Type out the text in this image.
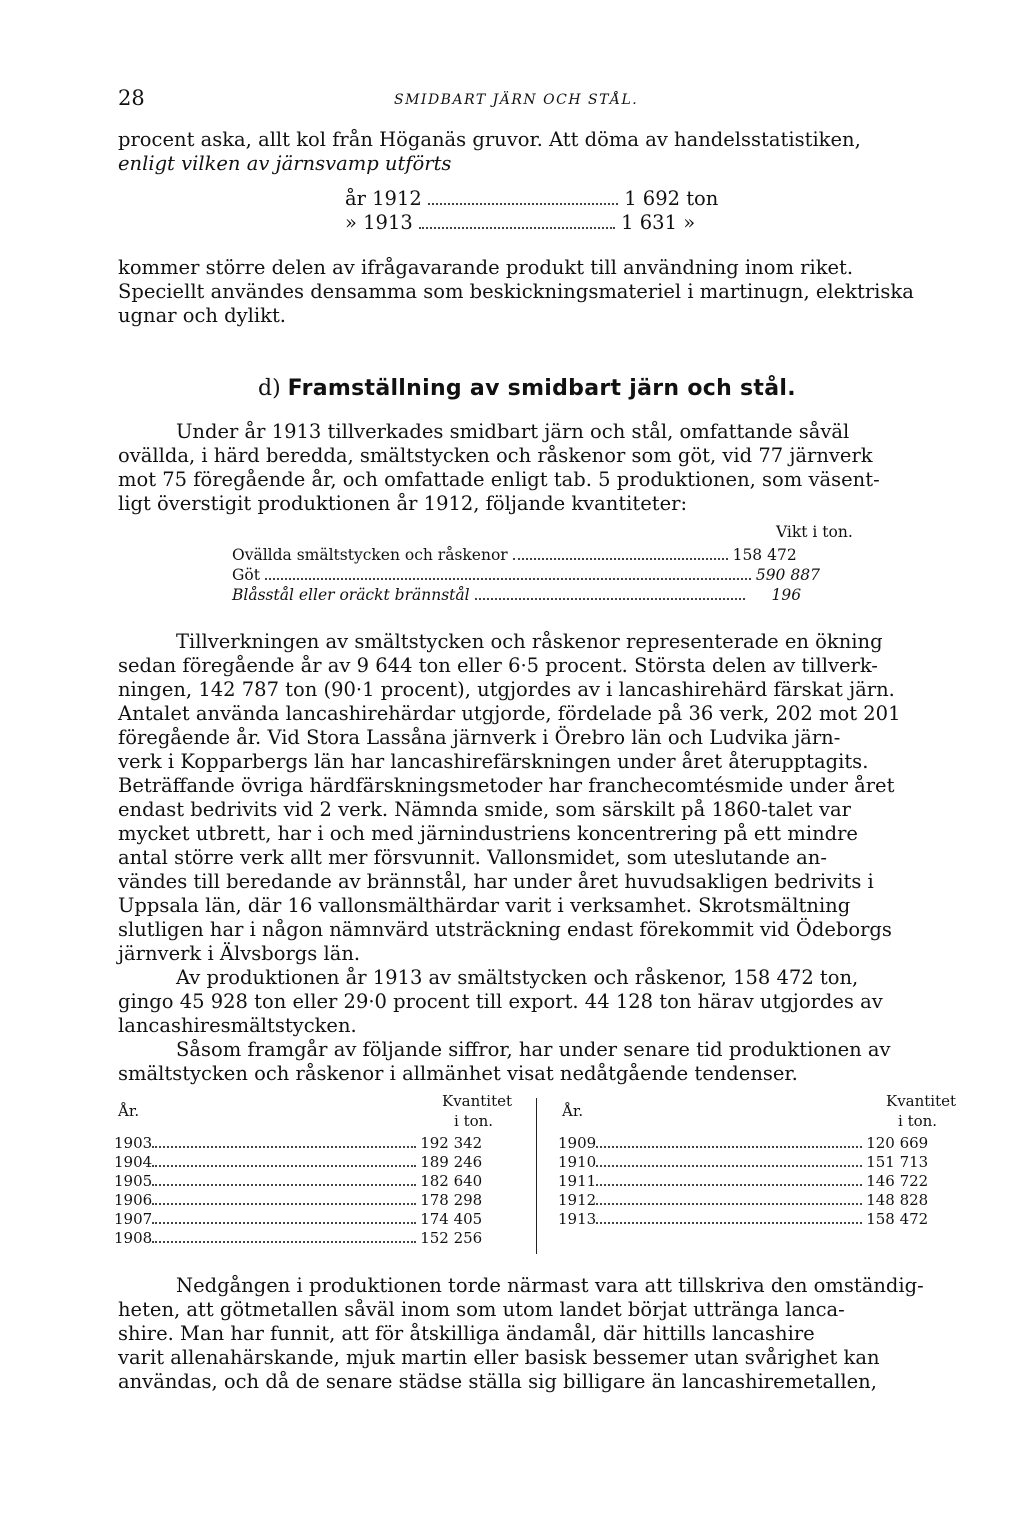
28	SMIDBART JÄRN OCH STÅL.
procent aska, allt kol från Höganäs gruvor. Att döma av handelsstatistiken,
enligt vilken av järnsvamp utförts
år 1912	1 692 ton
» 1913	1 631 »
kommer större delen av ifrågavarande produkt till användning inom riket.
Speciellt användes densamma som beskickningsmateriel i martinugn, elektriska
ugnar och dylikt.
d) Framställning av smidbart järn och stål.
Under år 1913 tillverkades smidbart järn och stål, omfattande såväl
ovällda, i härd beredda, smältstycken och råskenor som göt, vid 77 järnverk
mot 75 föregående år, och omfattade enligt tab. 5 produktionen, som väsent-
ligt överstigit produktionen år 1912, följande kvantiteter:
Vikt i ton.
Ovällda smältstycken och råskenor	158 472
Göt	590 887
Blåsstål eller oräckt brännstål	196
Tillverkningen av smältstycken och råskenor representerade en ökning
sedan föregående år av 9 644 ton eller 6·5 procent. Största delen av tillverk-
ningen, 142 787 ton (90·1 procent), utgjordes av i lancashirehärd färskat järn.
Antalet använda lancashirehärdar utgjorde, fördelade på 36 verk, 202 mot 201
föregående år. Vid Stora Lassåna järnverk i Örebro län och Ludvika järn-
verk i Kopparbergs län har lancashirefärskningen under året återupptagits.
Beträffande övriga härdfärskningsmetoder har franchecomtésmide under året
endast bedrivits vid 2 verk. Nämnda smide, som särskilt på 1860-talet var
mycket utbrett, har i och med järnindustriens koncentrering på ett mindre
antal större verk allt mer försvunnit. Vallonsmidet, som uteslutande an-
vändes till beredande av brännstål, har under året huvudsakligen bedrivits i
Uppsala län, där 16 vallonsmälthärdar varit i verksamhet. Skrotsmältning
slutligen har i någon nämnvärd utsträckning endast förekommit vid Ödeborgs
järnverk i Älvsborgs län.
Av produktionen år 1913 av smältstycken och råskenor, 158 472 ton,
gingo 45 928 ton eller 29·0 procent till export. 44 128 ton härav utgjordes av
lancashiresmältstycken.
Såsom framgår av följande siffror, har under senare tid produktionen av
smältstycken och råskenor i allmänhet visat nedåtgående tendenser.
År.
Kvantitet
i ton.
År.
Kvantitet
i ton.
1903	192 342
1904	189 246
1905	182 640
1906	178 298
1907	174 405
1908	152 256
1909	120 669
1910	151 713
1911	146 722
1912	148 828
1913	158 472
Nedgången i produktionen torde närmast vara att tillskriva den omständig-
heten, att götmetallen såväl inom som utom landet börjat uttränga lanca-
shire. Man har funnit, att för åtskilliga ändamål, där hittills lancashire
varit allenahärskande, mjuk martin eller basisk bessemer utan svårighet kan
användas, och då de senare städse ställa sig billigare än lancashiremetallen,
